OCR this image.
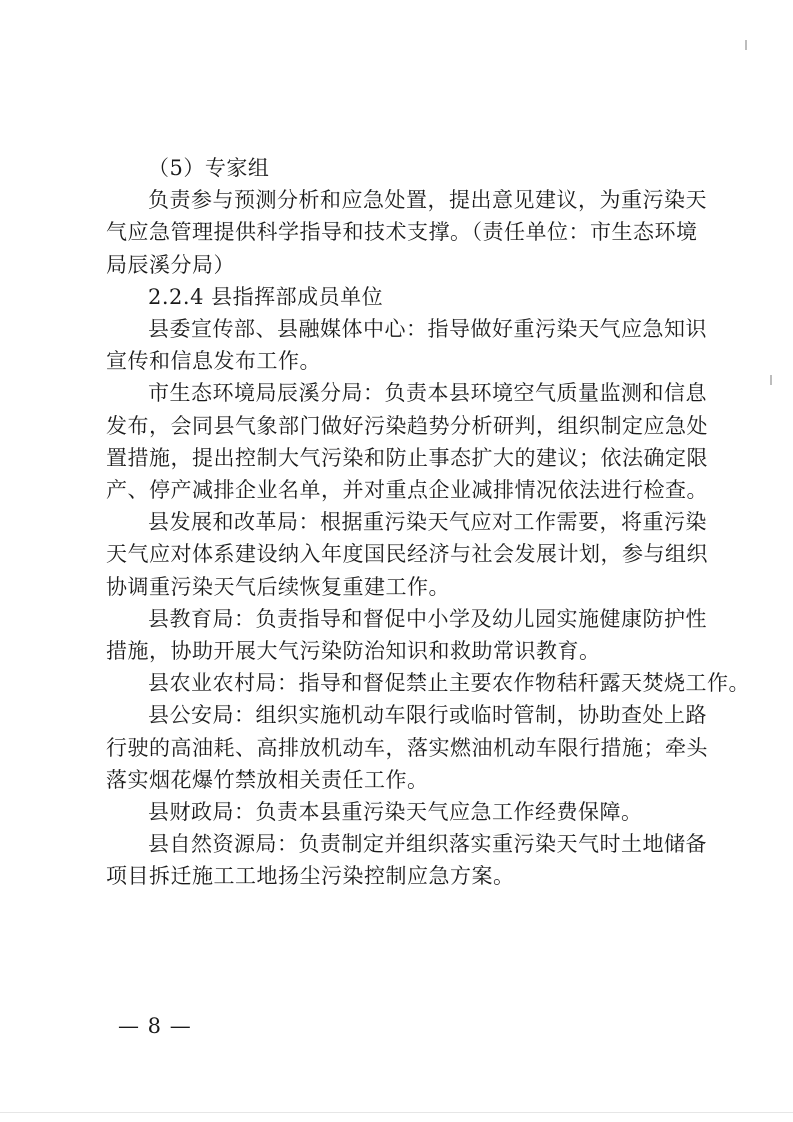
（5）专家组
负责参与预测分析和应急处置，提出意见建议，为重污染天
气应急管理提供科学指导和技术支撑。（责任单位：市生态环境
局辰溪分局）
2.2.4 县指挥部成员单位
县委宣传部、县融媒体中心：指导做好重污染天气应急知识
宣传和信息发布工作。
市生态环境局辰溪分局：负责本县环境空气质量监测和信息
发布，会同县气象部门做好污染趋势分析研判，组织制定应急处
置措施，提出控制大气污染和防止事态扩大的建议；依法确定限
产、停产减排企业名单，并对重点企业减排情况依法进行检查。
县发展和改革局：根据重污染天气应对工作需要，将重污染
天气应对体系建设纳入年度国民经济与社会发展计划，参与组织
协调重污染天气后续恢复重建工作。
县教育局：负责指导和督促中小学及幼儿园实施健康防护性
措施，协助开展大气污染防治知识和救助常识教育。
县农业农村局：指导和督促禁止主要农作物秸秆露天焚烧工作。
县公安局：组织实施机动车限行或临时管制，协助查处上路
行驶的高油耗、高排放机动车，落实燃油机动车限行措施；牵头
落实烟花爆竹禁放相关责任工作。
县财政局：负责本县重污染天气应急工作经费保障。
县自然资源局：负责制定并组织落实重污染天气时土地储备
项目拆迁施工工地扬尘污染控制应急方案。
— 8 —
